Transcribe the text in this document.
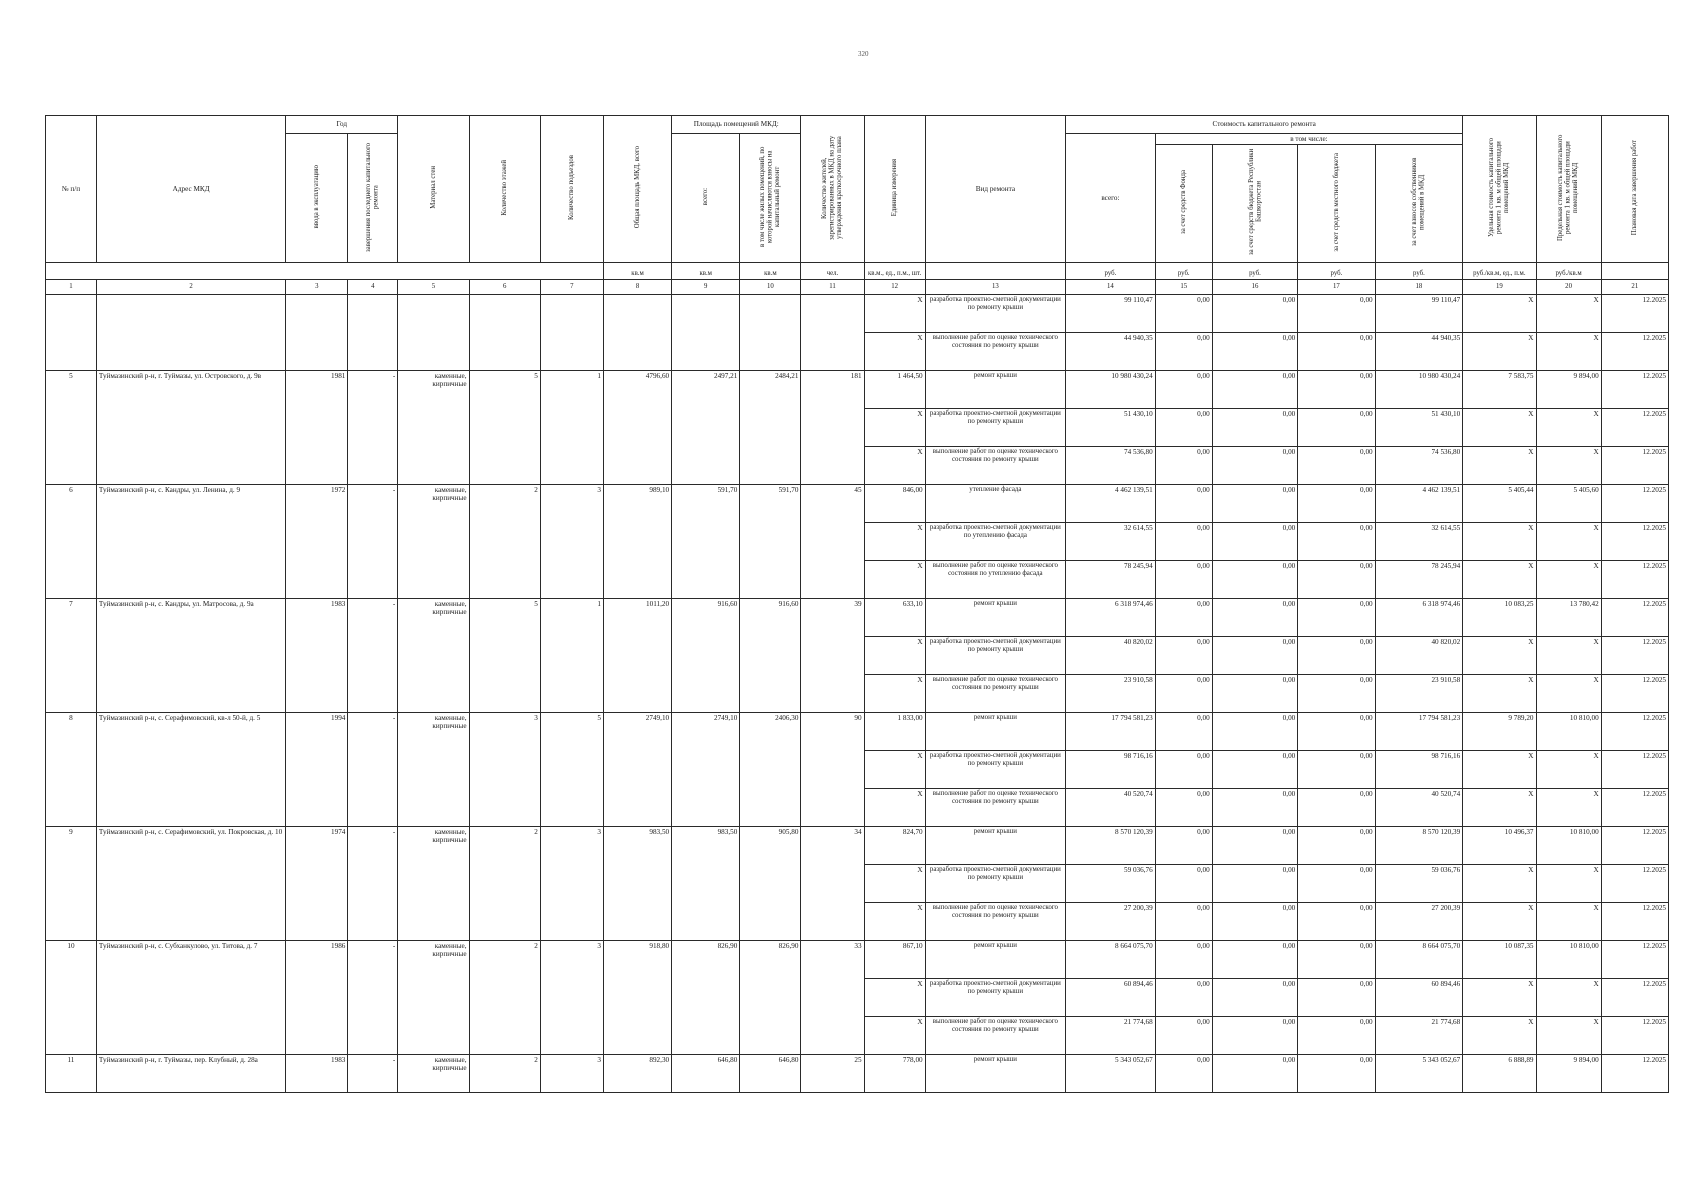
320
№ п/п	Адрес МКД	Год		Материал стен	Количество этажей	Количество подъездов	Общая площадь МКД, всего	Площадь помещений МКД:		Количество жителей, зарегистрированных в МКД на дату утверждения краткосрочного плана	Единица измерения	Вид ремонта	Стоимость капитального ремонта					Удельная стоимость капитального ремонта 1 кв. м общей площади помещений МКД	Предельная стоимость капитального ремонта 1 кв. м общей площади помещений МКД	Плановая дата завершения работ
		ввода в эксплуатацию	завершения последнего капитального ремонта					всего:	в том числе жилых помещений, по которой начисляются взносы на капитальный ремонт				всего:	в том числе:						
														за счет средств Фонда	за счет средств бюджета Республики Башкортостан	за счет средств местного бюджета	за счет взносов собственников помещений в МКД			
							кв.м	кв.м	кв.м	чел.	кв.м., ед., п.м., шт.		руб.	руб.	руб.	руб.	руб.	руб./кв.м, ед., п.м.	руб./кв.м	
1	2	3	4	5	6	7	8	9	10	11	12	13	14	15	16	17	18	19	20	21
											X	разработка проектно-сметной документации по ремонту крыши	99 110,47	0,00	0,00	0,00	99 110,47	X	X	12.2025
											X	выполнение работ по оценке технического состояния по ремонту крыши	44 940,35	0,00	0,00	0,00	44 940,35	X	X	12.2025
5	Туймазинский р-н, г. Туймазы, ул. Островского, д. 9в	1981	-	каменные, кирпичные	5	1	4796,60	2497,21	2484,21	181	1 464,50	ремонт крыши	10 980 430,24	0,00	0,00	0,00	10 980 430,24	7 583,75	9 894,00	12.2025
											X	разработка проектно-сметной документации по ремонту крыши	51 430,10	0,00	0,00	0,00	51 430,10	X	X	12.2025
											X	выполнение работ по оценке технического состояния по ремонту крыши	74 536,80	0,00	0,00	0,00	74 536,80	X	X	12.2025
6	Туймазинский р-н, с. Кандры, ул. Ленина, д. 9	1972	-	каменные, кирпичные	2	3	989,10	591,70	591,70	45	846,00	утепление фасада	4 462 139,51	0,00	0,00	0,00	4 462 139,51	5 405,44	5 405,60	12.2025
											X	разработка проектно-сметной документации по утеплению фасада	32 614,55	0,00	0,00	0,00	32 614,55	X	X	12.2025
											X	выполнение работ по оценке технического состояния по утеплению фасада	78 245,94	0,00	0,00	0,00	78 245,94	X	X	12.2025
7	Туймазинский р-н, с. Кандры, ул. Матросова, д. 9а	1983	-	каменные, кирпичные	5	1	1011,20	916,60	916,60	39	633,10	ремонт крыши	6 318 974,46	0,00	0,00	0,00	6 318 974,46	10 083,25	13 780,42	12.2025
											X	разработка проектно-сметной документации по ремонту крыши	40 820,02	0,00	0,00	0,00	40 820,02	X	X	12.2025
											X	выполнение работ по оценке технического состояния по ремонту крыши	23 910,58	0,00	0,00	0,00	23 910,58	X	X	12.2025
8	Туймазинский р-н, с. Серафимовский, кв-л 50-й, д. 5	1994	-	каменные, кирпичные	3	5	2749,10	2749,10	2406,30	90	1 833,00	ремонт крыши	17 794 581,23	0,00	0,00	0,00	17 794 581,23	9 789,20	10 810,00	12.2025
											X	разработка проектно-сметной документации по ремонту крыши	98 716,16	0,00	0,00	0,00	98 716,16	X	X	12.2025
											X	выполнение работ по оценке технического состояния по ремонту крыши	40 520,74	0,00	0,00	0,00	40 520,74	X	X	12.2025
9	Туймазинский р-н, с. Серафимовский, ул. Покровская, д. 10	1974	-	каменные, кирпичные	2	3	983,50	983,50	905,80	34	824,70	ремонт крыши	8 570 120,39	0,00	0,00	0,00	8 570 120,39	10 496,37	10 810,00	12.2025
											X	разработка проектно-сметной документации по ремонту крыши	59 036,76	0,00	0,00	0,00	59 036,76	X	X	12.2025
											X	выполнение работ по оценке технического состояния по ремонту крыши	27 200,39	0,00	0,00	0,00	27 200,39	X	X	12.2025
10	Туймазинский р-н, с. Субханкулово, ул. Титова, д. 7	1986	-	каменные, кирпичные	2	3	918,80	826,90	826,90	33	867,10	ремонт крыши	8 664 075,70	0,00	0,00	0,00	8 664 075,70	10 087,35	10 810,00	12.2025
											X	разработка проектно-сметной документации по ремонту крыши	60 894,46	0,00	0,00	0,00	60 894,46	X	X	12.2025
											X	выполнение работ по оценке технического состояния по ремонту крыши	21 774,68	0,00	0,00	0,00	21 774,68	X	X	12.2025
11	Туймазинский р-н, г. Туймазы, пер. Клубный, д. 28а	1983	-	каменные, кирпичные	2	3	892,30	646,80	646,80	25	778,00	ремонт крыши	5 343 052,67	0,00	0,00	0,00	5 343 052,67	6 888,89	9 894,00	12.2025
